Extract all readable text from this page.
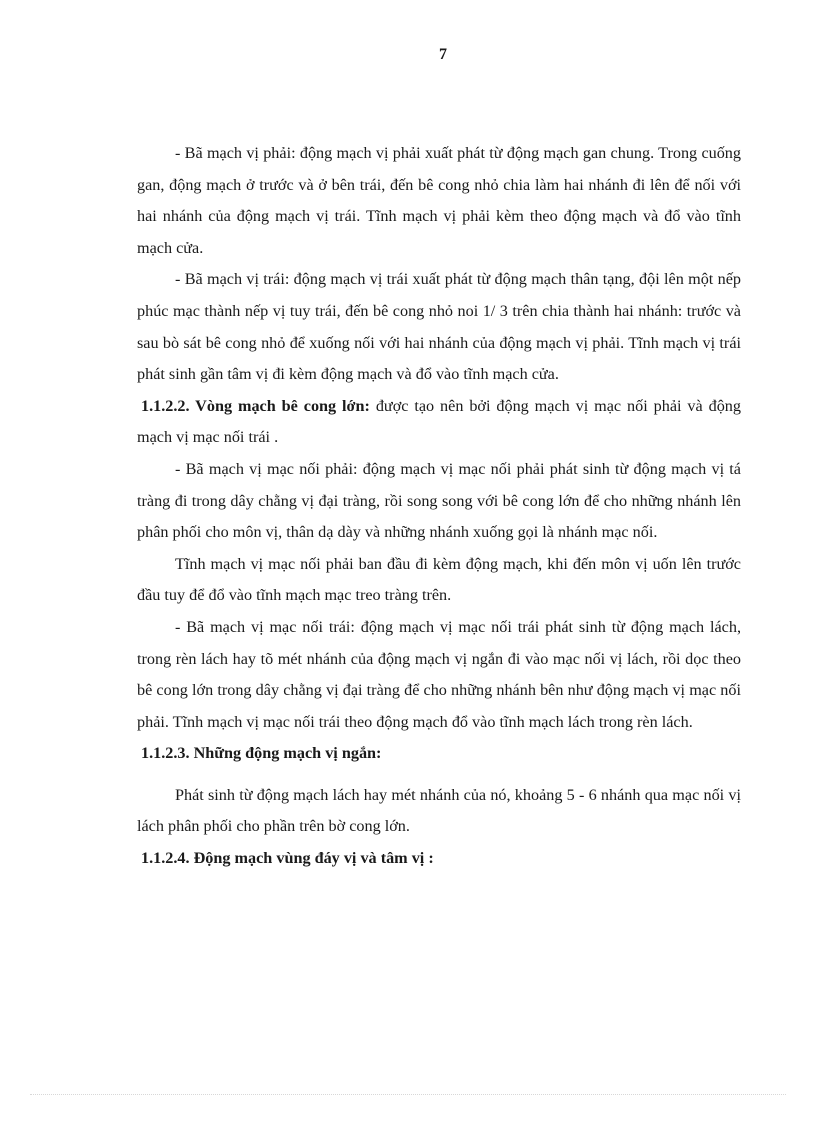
7

- Bã mạch vị phải: động mạch vị phải xuất phát từ động mạch gan chung. Trong cuống gan, động mạch ở trước và ở bên trái, đến bê cong nhỏ chia làm hai nhánh đi lên để nối với hai nhánh của động mạch vị trái. Tĩnh mạch vị phải kèm theo động mạch và đổ vào tĩnh mạch cửa.

- Bã mạch vị trái: động mạch vị trái xuất phát từ động mạch thân tạng, đội lên một nếp phúc mạc thành nếp vị tuy trái, đến bê cong nhỏ noi 1/ 3 trên chia thành hai nhánh: trước và sau bò sát bê cong nhỏ để xuống nối với hai nhánh của động mạch vị phải. Tĩnh mạch vị trái phát sinh gần tâm vị đi kèm động mạch và đổ vào tĩnh mạch cửa.

1.1.2.2. Vòng mạch bê cong lớn: được tạo nên bởi động mạch vị mạc nối phải và động mạch vị mạc nối trái .

- Bã mạch vị mạc nối phải: động mạch vị mạc nối phải phát sinh từ động mạch vị tá tràng đi trong dây chằng vị đại tràng, rồi song song với bê cong lớn để cho những nhánh lên phân phối cho môn vị, thân dạ dày và những nhánh xuống gọi là nhánh mạc nối.

Tĩnh mạch vị mạc nối phải ban đầu đi kèm động mạch, khi đến môn vị uốn lên trước đầu tuy để đổ vào tĩnh mạch mạc treo tràng trên.

- Bã mạch vị mạc nối trái: động mạch vị mạc nối trái phát sinh từ động mạch lách, trong rèn lách hay tõ mét nhánh của động mạch vị ngắn đi vào mạc nối vị lách, rồi dọc theo bê cong lớn trong dây chằng vị đại tràng để cho những nhánh bên như động mạch vị mạc nối phải. Tĩnh mạch vị mạc nối trái theo động mạch đổ vào tĩnh mạch lách trong rèn lách.

1.1.2.3. Những động mạch vị ngắn:

Phát sinh từ động mạch lách hay mét nhánh của nó, khoảng 5 - 6 nhánh qua mạc nối vị lách phân phối cho phần trên bờ cong lớn.

1.1.2.4. Động mạch vùng đáy vị và tâm vị :
